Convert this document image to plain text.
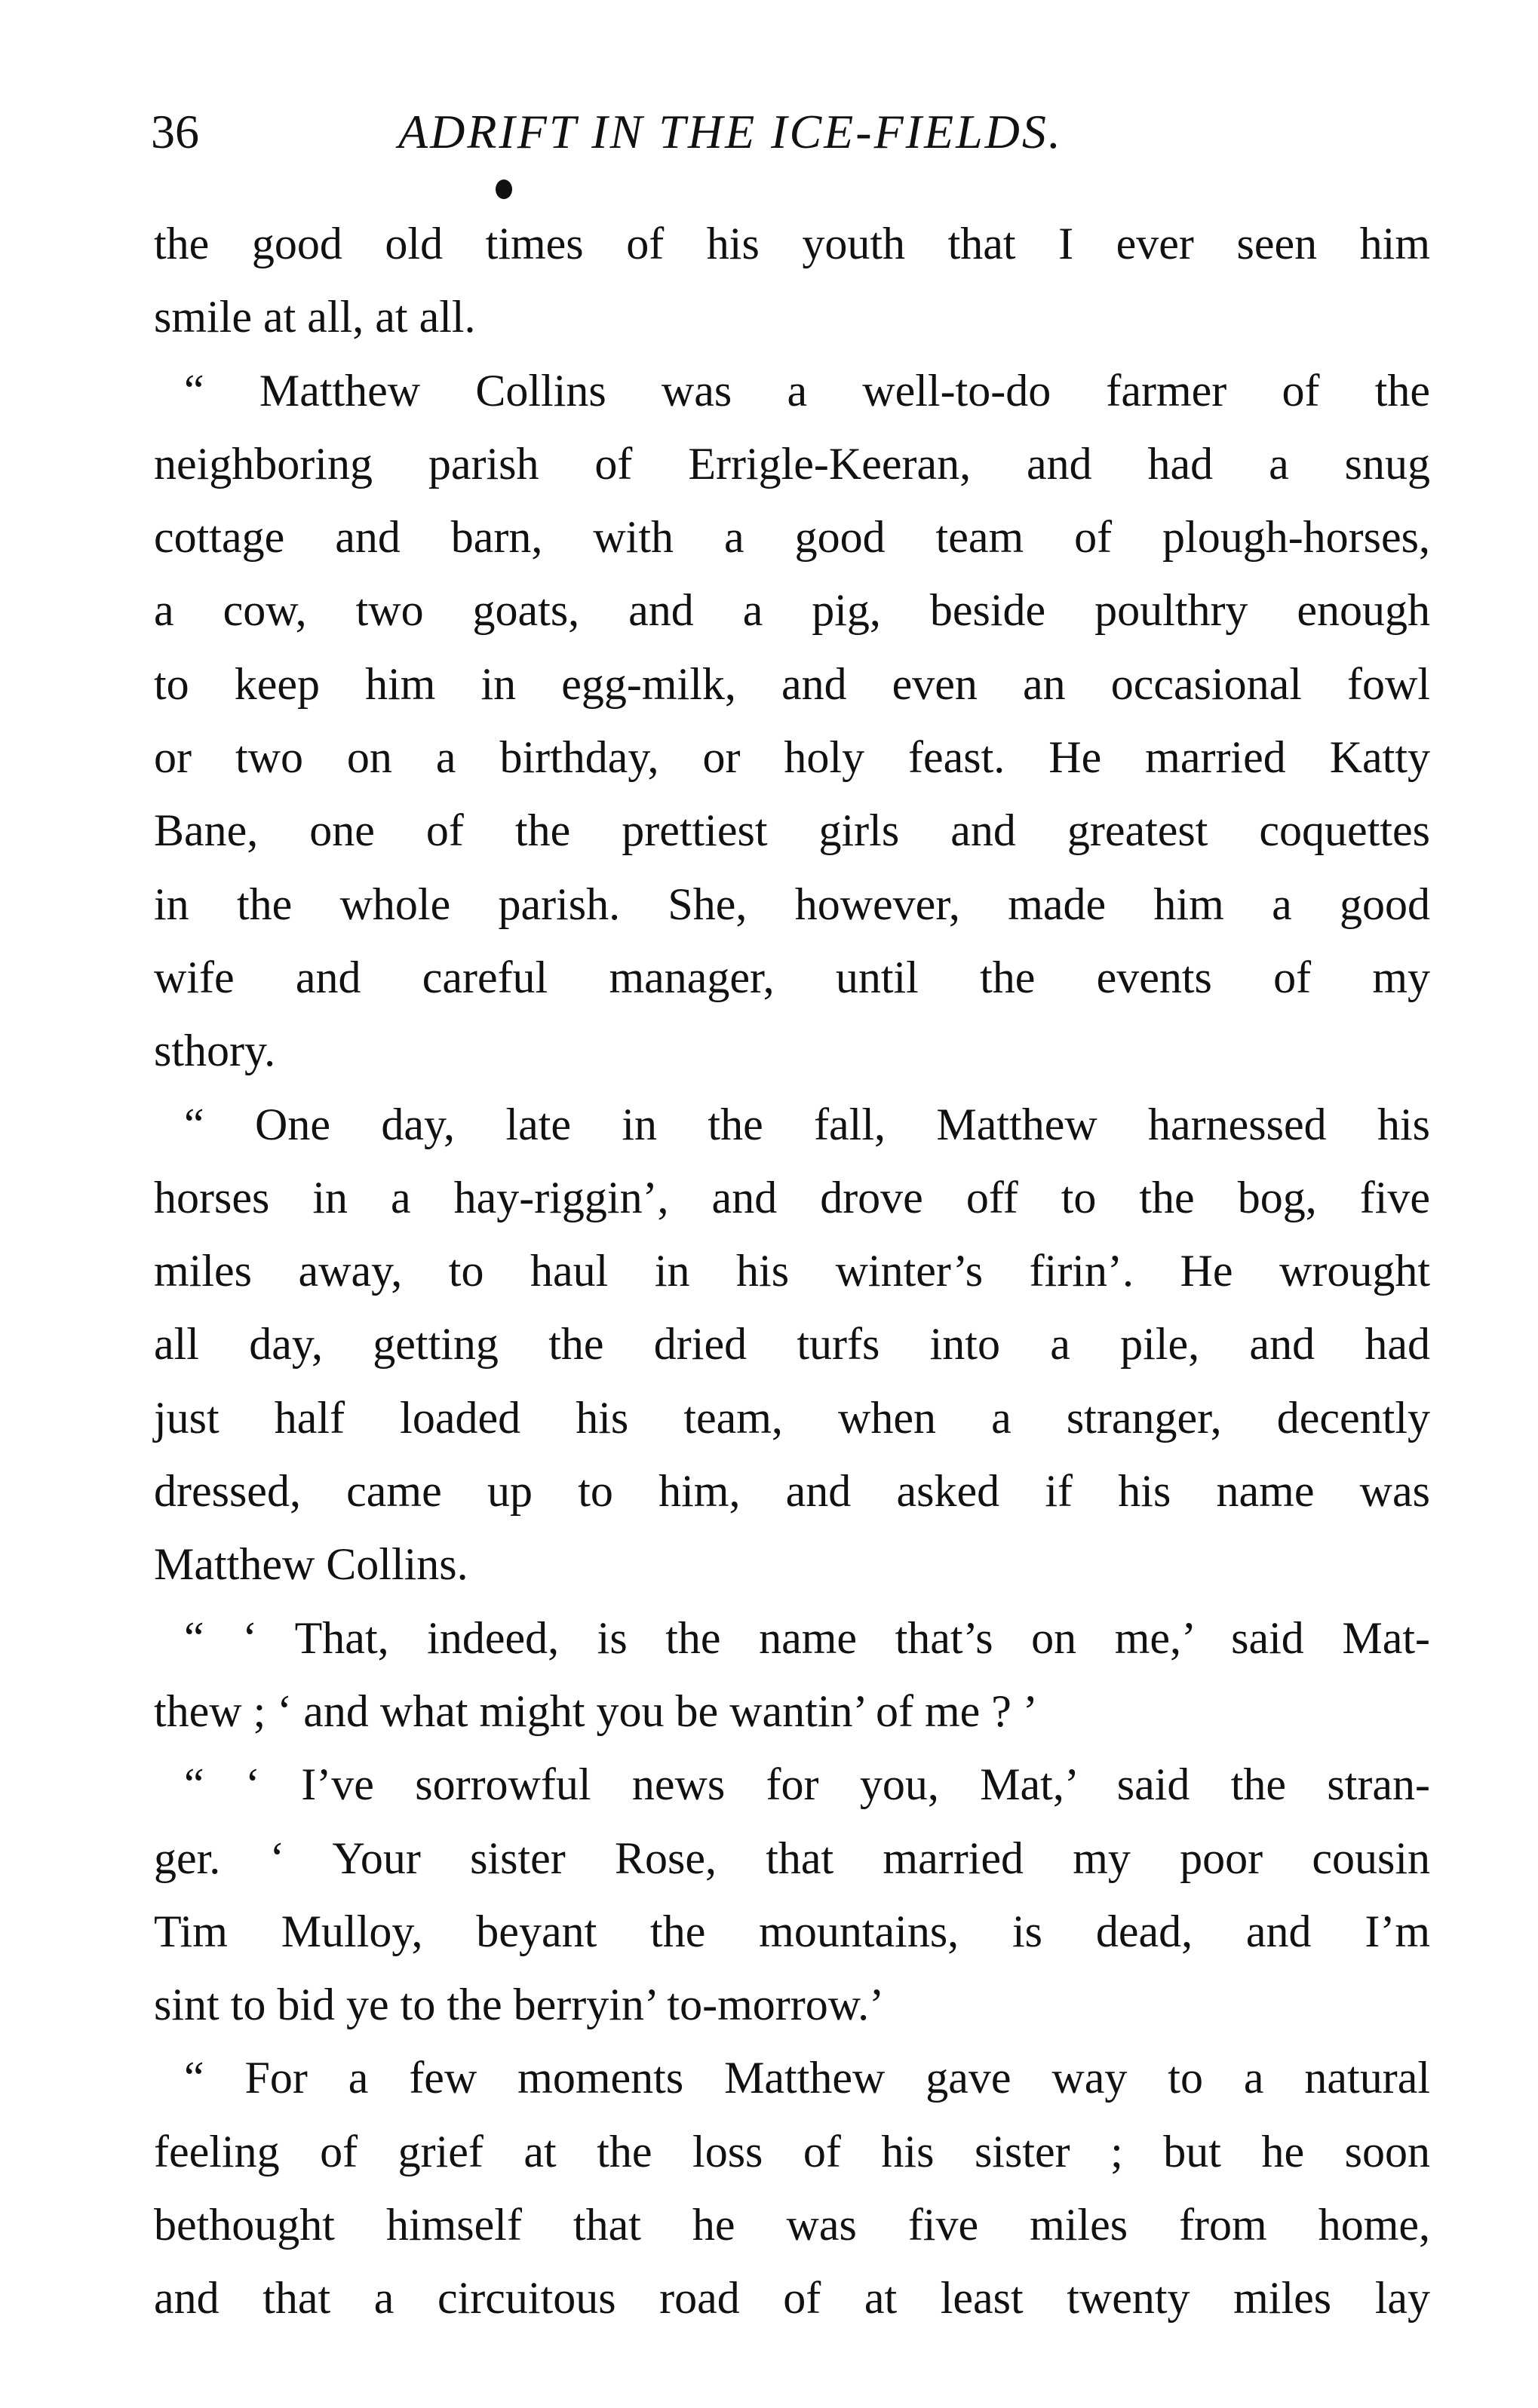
36	ADRIFT IN THE ICE-FIELDS.
the good old times of his youth that I ever seen him
smile at all, at all.
“ Matthew Collins was a well-to-do farmer of the
neighboring parish of Errigle-Keeran, and had a snug
cottage and barn, with a good team of plough-horses,
a cow, two goats, and a pig, beside poulthry enough
to keep him in egg-milk, and even an occasional fowl
or two on a birthday, or holy feast. He married Katty
Bane, one of the prettiest girls and greatest coquettes
in the whole parish. She, however, made him a good
wife and careful manager, until the events of my
sthory.
“ One day, late in the fall, Matthew harnessed his
horses in a hay-riggin’, and drove off to the bog, five
miles away, to haul in his winter’s firin’. He wrought
all day, getting the dried turfs into a pile, and had
just half loaded his team, when a stranger, decently
dressed, came up to him, and asked if his name was
Matthew Collins.
“ ‘ That, indeed, is the name that’s on me,’ said Mat-
thew ; ‘ and what might you be wantin’ of me ? ’
“ ‘ I’ve sorrowful news for you, Mat,’ said the stran-
ger. ‘ Your sister Rose, that married my poor cousin
Tim Mulloy, beyant the mountains, is dead, and I’m
sint to bid ye to the berryin’ to-morrow.’
“ For a few moments Matthew gave way to a natural
feeling of grief at the loss of his sister ; but he soon
bethought himself that he was five miles from home,
and that a circuitous road of at least twenty miles lay
